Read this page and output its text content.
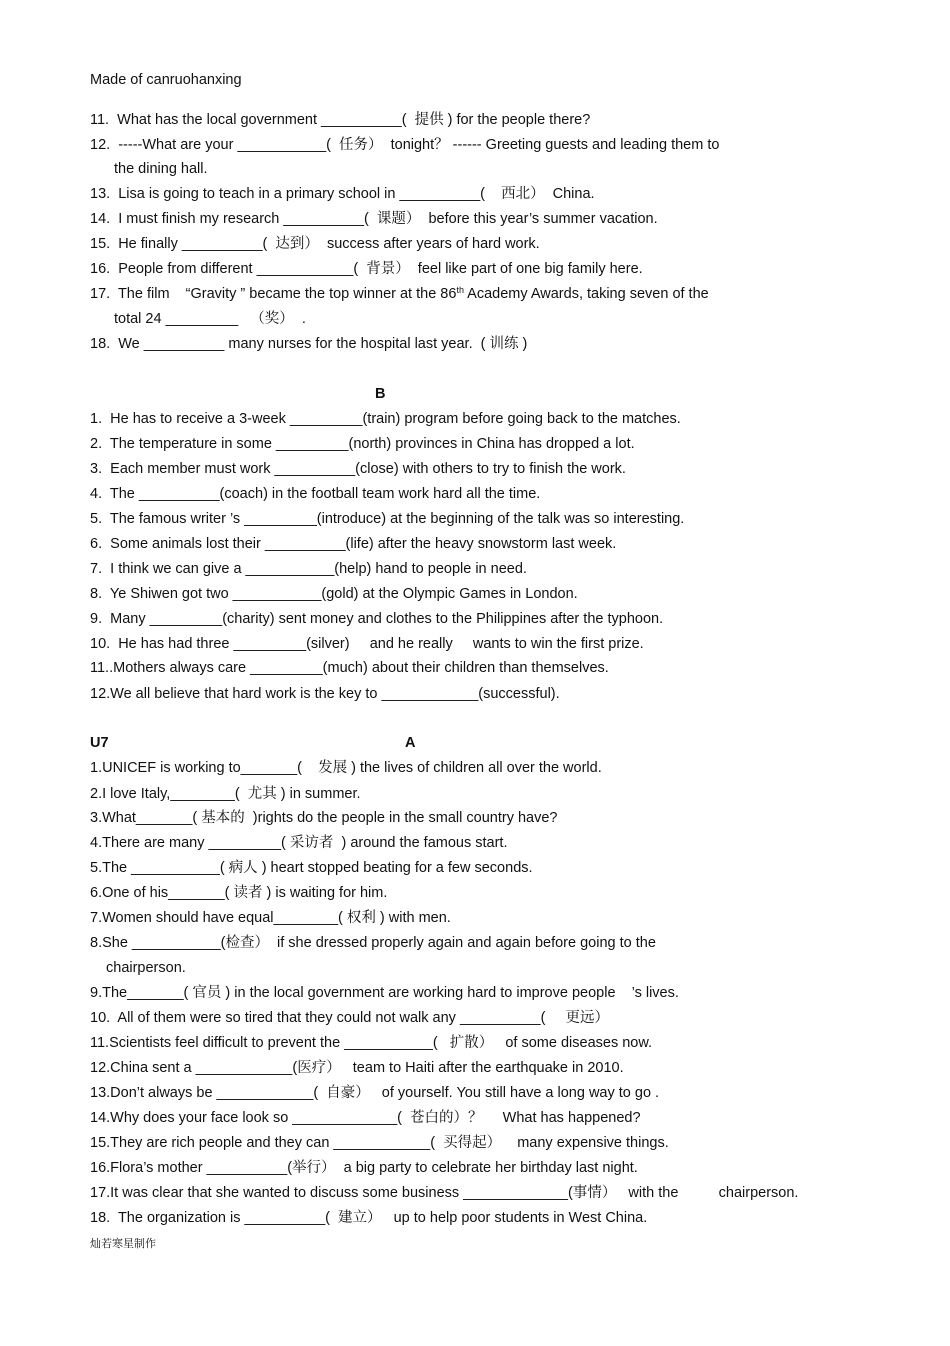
Made of canruohanxing
11.  What has the local government __________(  提供 ) for the people there?
12.  -----What are your ___________(  任务）  tonight？ ------ Greeting guests and leading them to
the dining hall.
13.  Lisa is going to teach in a primary school in __________(    西北）  China.
14.  I must finish my research __________(  课题）  before this year’s summer vacation.
15.  He finally __________(  达到）  success after years of hard work.
16.  People from different ____________(  背景）  feel like part of one big family here.
17.  The film    “Gravity ” became the top winner at the 86th Academy Awards, taking seven of the
total 24 _________   （奖）  .
18.  We __________ many nurses for the hospital last year.  ( 训练 )
B
1.  He has to receive a 3-week _________(train) program before going back to the matches.
2.  The temperature in some _________(north) provinces in China has dropped a lot.
3.  Each member must work __________(close) with others to try to finish the work.
4.  The __________(coach) in the football team work hard all the time.
5.  The famous writer ’s _________(introduce) at the beginning of the talk was so interesting.
6.  Some animals lost their __________(life) after the heavy snowstorm last week.
7.  I think we can give a ___________(help) hand to people in need.
8.  Ye Shiwen got two ___________(gold) at the Olympic Games in London.
9.  Many _________(charity) sent money and clothes to the Philippines after the typhoon.
10.  He has had three _________(silver)     and he really     wants to win the first prize.
11..Mothers always care _________(much) about their children than themselves.
12.We all believe that hard work is the key to ____________(successful).
U7	A
1.UNICEF is working to_______(    发展 ) the lives of children all over the world.
2.I love Italy,________(  尤其 ) in summer.
3.What_______( 基本的  )rights do the people in the small country have?
4.There are many _________( 采访者  ) around the famous start.
5.The ___________( 病人 ) heart stopped beating for a few seconds.
6.One of his_______( 读者 ) is waiting for him.
7.Women should have equal________( 权利 ) with men.
8.She ___________(检查）  if she dressed properly again and again before going to the
chairperson.
9.The_______( 官员 ) in the local government are working hard to improve people    ’s lives.
10.  All of them were so tired that they could not walk any __________(     更远）
11.Scientists feel difficult to prevent the ___________(   扩散）   of some diseases now.
12.China sent a ____________(医疗）   team to Haiti after the earthquake in 2010.
13.Don’t always be ____________(  自豪）   of yourself. You still have a long way to go .
14.Why does your face look so _____________(  苍白的）？     What has happened?
15.They are rich people and they can ____________(  买得起）    many expensive things.
16.Flora’s mother __________(举行）  a big party to celebrate her birthday last night.
17.It was clear that she wanted to discuss some business _____________(事情）   with the          chairperson.
18.  The organization is __________(  建立）   up to help poor students in West China.
灿若寒星制作
